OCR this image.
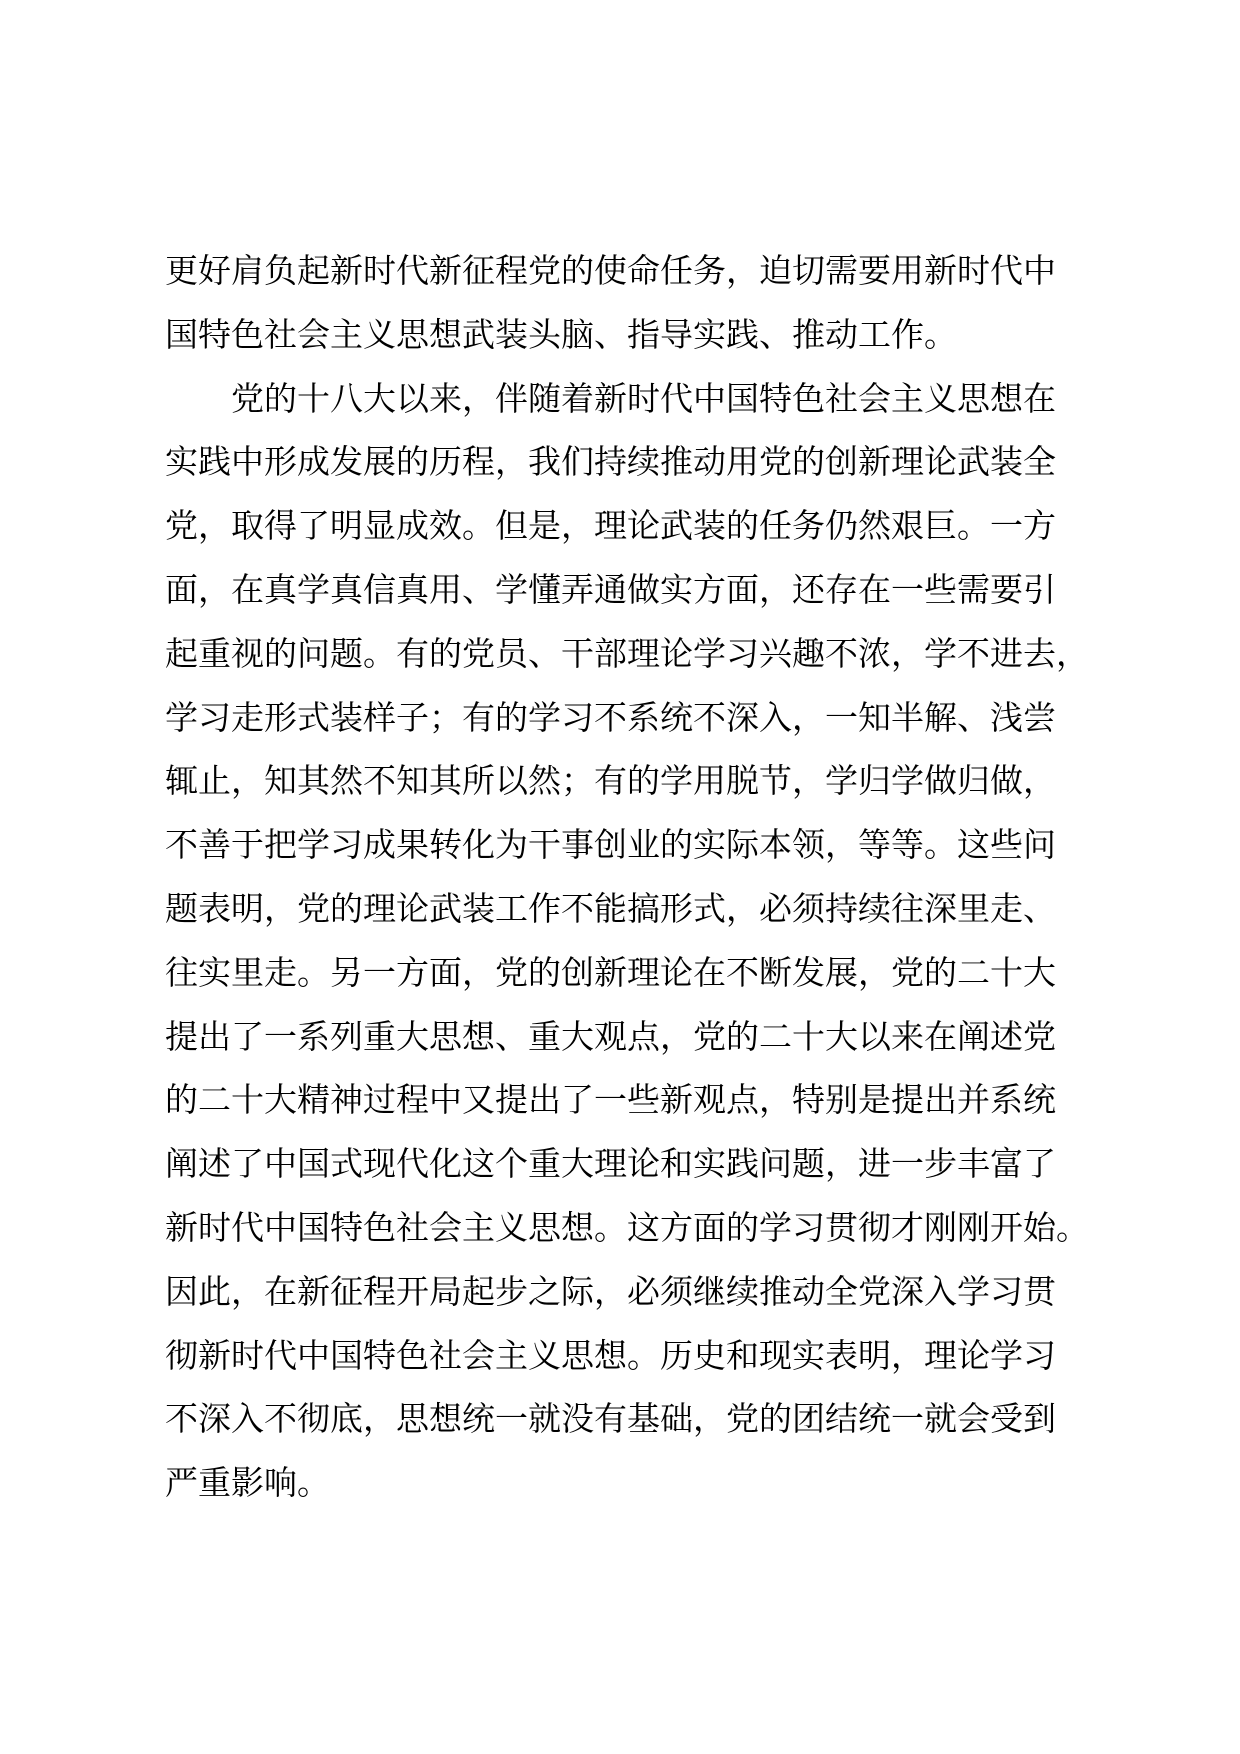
更好肩负起新时代新征程党的使命任务，迫切需要用新时代中
国特色社会主义思想武装头脑、指导实践、推动工作。
　　党的十八大以来，伴随着新时代中国特色社会主义思想在
实践中形成发展的历程，我们持续推动用党的创新理论武装全
党，取得了明显成效。但是，理论武装的任务仍然艰巨。一方
面，在真学真信真用、学懂弄通做实方面，还存在一些需要引
起重视的问题。有的党员、干部理论学习兴趣不浓，学不进去，
学习走形式装样子；有的学习不系统不深入，一知半解、浅尝
辄止，知其然不知其所以然；有的学用脱节，学归学做归做，
不善于把学习成果转化为干事创业的实际本领，等等。这些问
题表明，党的理论武装工作不能搞形式，必须持续往深里走、
往实里走。另一方面，党的创新理论在不断发展，党的二十大
提出了一系列重大思想、重大观点，党的二十大以来在阐述党
的二十大精神过程中又提出了一些新观点，特别是提出并系统
阐述了中国式现代化这个重大理论和实践问题，进一步丰富了
新时代中国特色社会主义思想。这方面的学习贯彻才刚刚开始。
因此，在新征程开局起步之际，必须继续推动全党深入学习贯
彻新时代中国特色社会主义思想。历史和现实表明，理论学习
不深入不彻底，思想统一就没有基础，党的团结统一就会受到
严重影响。
